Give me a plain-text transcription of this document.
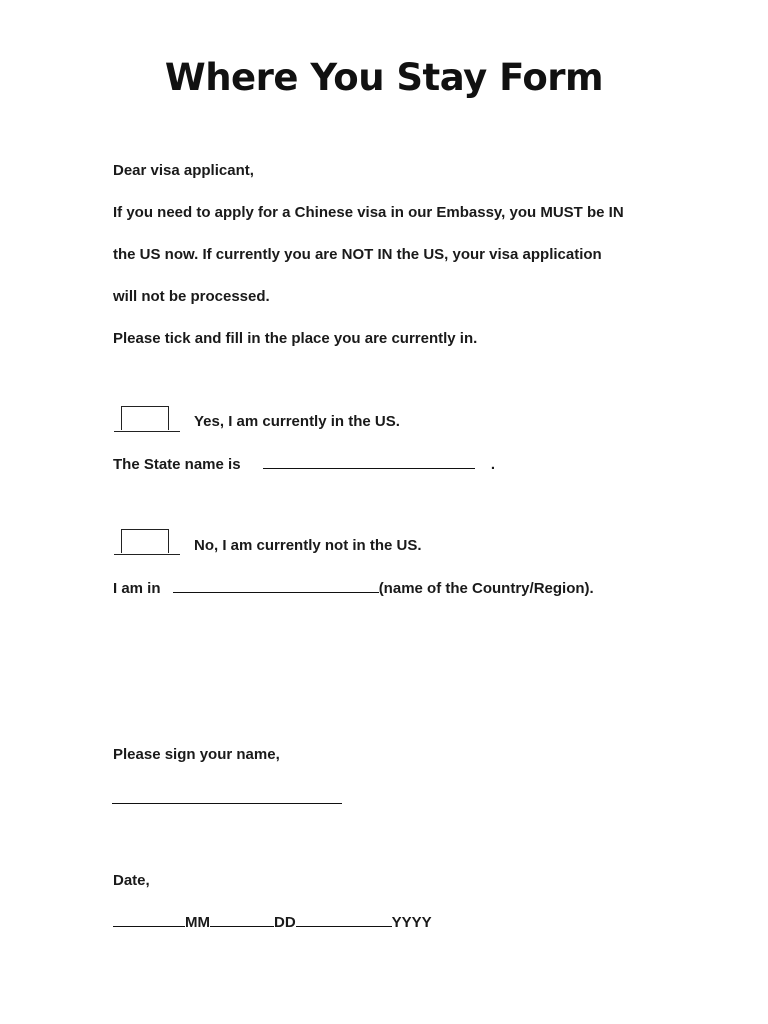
Where You Stay Form
Dear visa applicant,
If you need to apply for a Chinese visa in our Embassy, you MUST be IN
the US now. If currently you are NOT IN the US, your visa application
will not be processed.
Please tick and fill in the place you are currently in.
Yes, I am currently in the US.
The State name is	.
No, I am currently not in the US.
I am in	(name of the Country/Region).
Please sign your name,
Date,
MM	DD	YYYY
